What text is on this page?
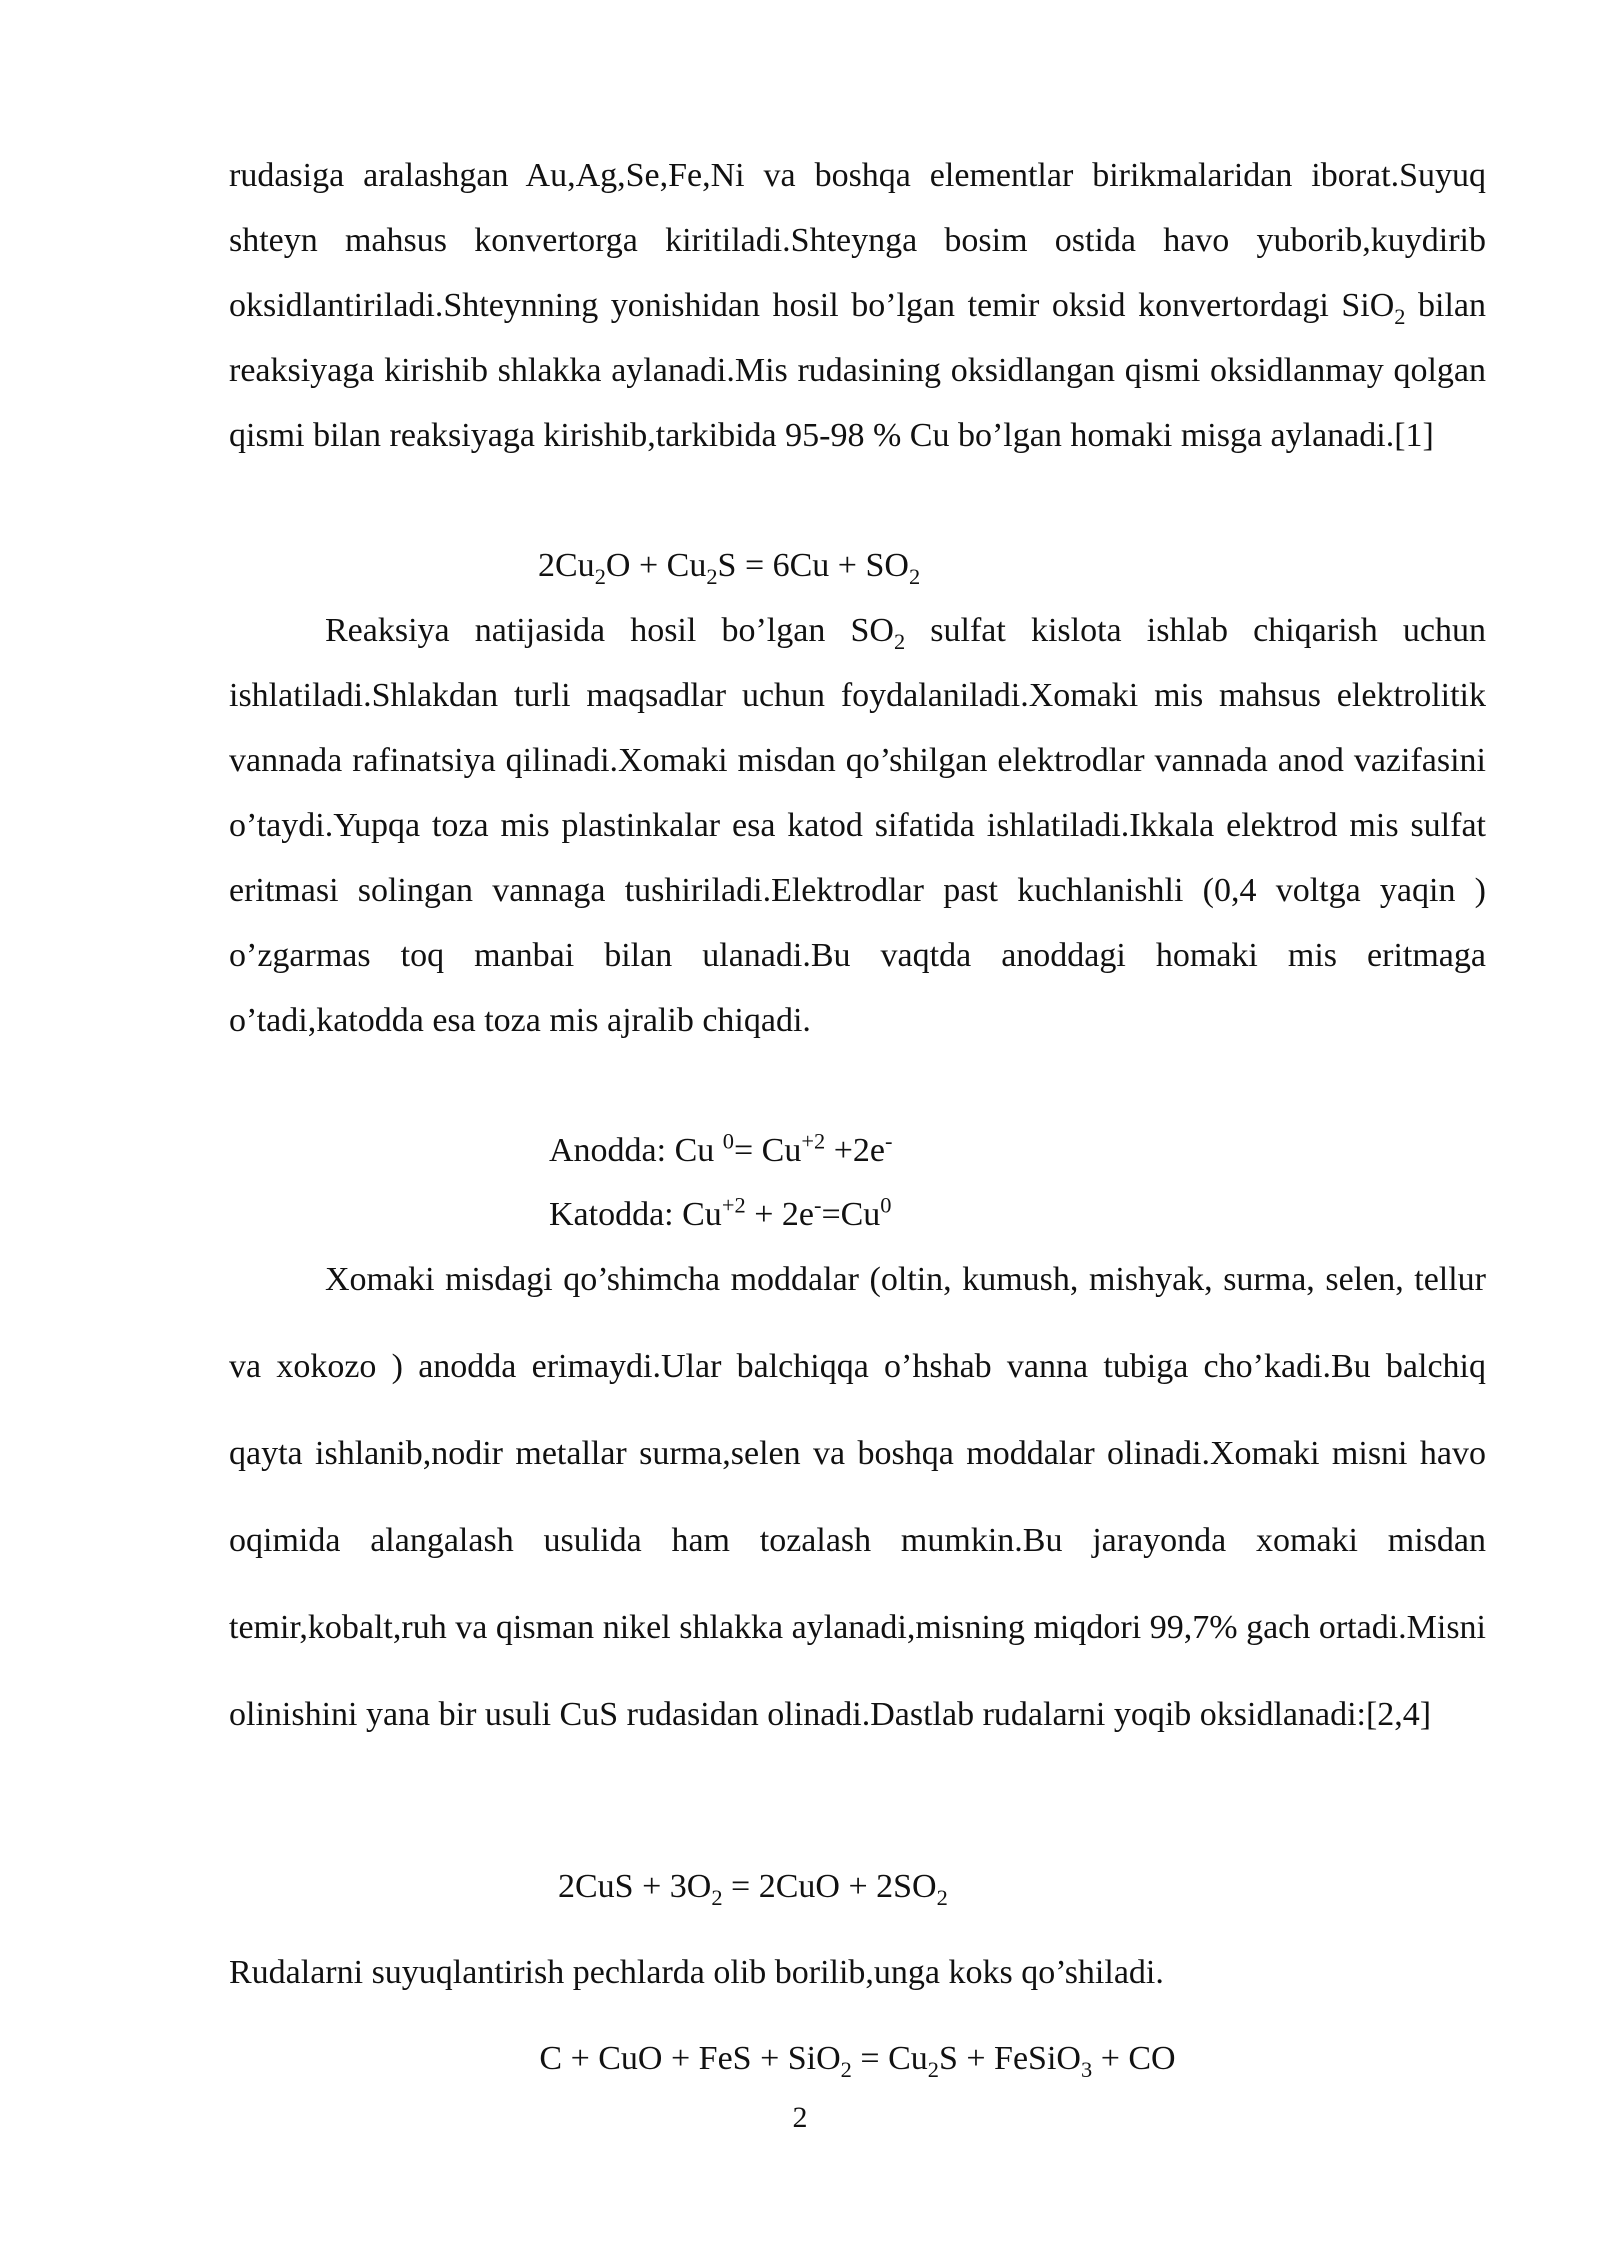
rudasiga aralashgan Au,Ag,Se,Fe,Ni va boshqa elementlar birikmalaridan iborat.Suyuq shteyn mahsus konvertorga kiritiladi.Shteynga bosim ostida havo yuborib,kuydirib oksidlantiriladi.Shteynning yonishidan hosil bo’lgan temir oksid konvertordagi SiO$_2$ bilan reaksiyaga kirishib shlakka aylanadi.Mis rudasining oksidlangan qismi oksidlanmay qolgan qismi bilan reaksiyaga kirishib,tarkibida 95-98 % Cu bo’lgan homaki misga aylanadi.[1]

$2Cu_2O + Cu_2S = 6Cu + SO_2$

Reaksiya natijasida hosil bo’lgan $SO_2$ sulfat kislota ishlab chiqarish uchun ishlatiladi.Shlakdan turli maqsadlar uchun foydalaniladi.Xomaki mis mahsus elektrolitik vannada rafinatsiya qilinadi.Xomaki misdan qo’shilgan elektrodlar vannada anod vazifasini o’taydi.Yupqa toza mis plastinkalar esa katod sifatida ishlatiladi.Ikkala elektrod mis sulfat eritmasi solingan vannaga tushiriladi.Elektrodlar past kuchlanishli (0,4 voltga yaqin ) o’zgarmas toq manbai bilan ulanadi.Bu vaqtda anoddagi homaki mis eritmaga o’tadi,katodda esa toza mis ajralib chiqadi.

Anodda: Cu $^0= Cu^{+2} +2e^-$

Katodda: $Cu^{+2} + 2e^-=Cu^0$

Xomaki misdagi qo’shimcha moddalar (oltin, kumush, mishyak, surma, selen, tellur va xokozo ) anodda erimaydi.Ular balchiqqa o’hshab vanna tubiga cho’kadi.Bu balchiq qayta ishlanib,nodir metallar surma,selen va boshqa moddalar olinadi.Xomaki misni havo oqimida alangalash usulida ham tozalash mumkin.Bu jarayonda xomaki misdan temir,kobalt,ruh va qisman nikel shlakka aylanadi,misning miqdori 99,7% gach ortadi.Misni olinishini yana bir usuli CuS rudasidan olinadi.Dastlab rudalarni yoqib oksidlanadi:[2,4]

$2CuS + 3O_2 = 2CuO + 2SO_2$

Rudalarni suyuqlantirish pechlarda olib borilib,unga koks qo’shiladi.

C + CuO + FeS + $SiO_2 = Cu_2S$ + FeSiO$_3$ + CO

2
